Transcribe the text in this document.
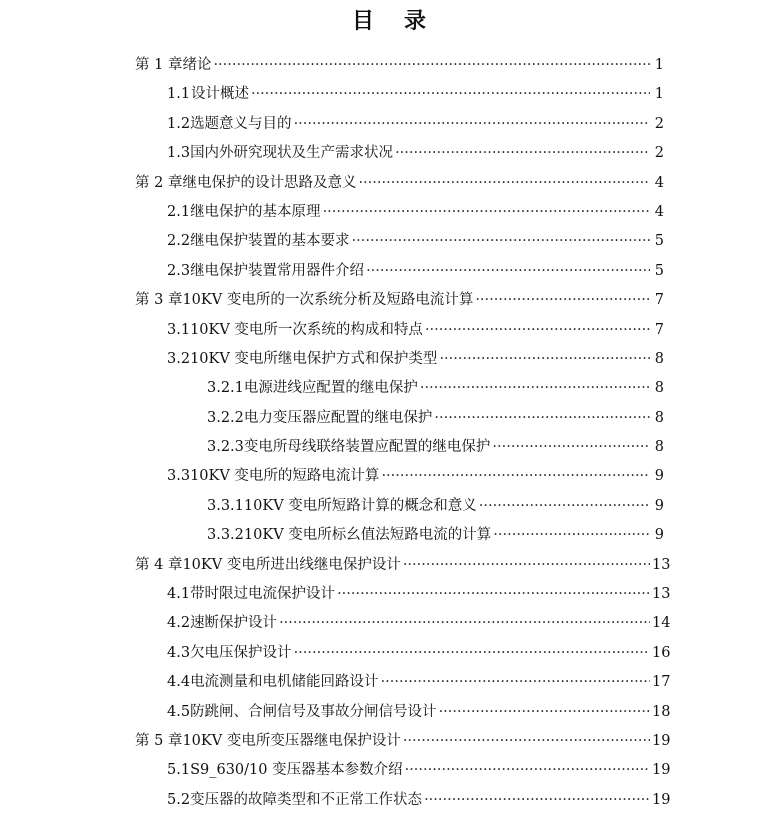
目录
第 1 章 绪论 ·····	1
1.1 设计概述 ·····	1
1.2 选题意义与目的 ·····	2
1.3 国内外研究现状及生产需求状况 ·····	2
第 2 章 继电保护的设计思路及意义 ·····	4
2.1 继电保护的基本原理 ·····	4
2.2 继电保护装置的基本要求 ·····	5
2.3 继电保护装置常用器件介绍 ·····	5
第 3 章 10KV 变电所的一次系统分析及短路电流计算 ·····	7
3.1 10KV 变电所一次系统的构成和特点 ·····	7
3.2 10KV 变电所继电保护方式和保护类型 ·····	8
3.2.1 电源进线应配置的继电保护 ·····	8
3.2.2 电力变压器应配置的继电保护 ·····	8
3.2.3 变电所母线联络装置应配置的继电保护 ·····	8
3.3 10KV 变电所的短路电流计算 ·····	9
3.3.1 10KV 变电所短路计算的概念和意义 ·····	9
3.3.2 10KV 变电所标幺值法短路电流的计算 ·····	9
第 4 章 10KV 变电所进出线继电保护设计 ·····	13
4.1 带时限过电流保护设计 ·····	13
4.2 速断保护设计 ·····	14
4.3 欠电压保护设计 ·····	16
4.4 电流测量和电机储能回路设计 ·····	17
4.5 防跳闸、合闸信号及事故分闸信号设计 ·····	18
第 5 章 10KV 变电所变压器继电保护设计 ·····	19
5.1 S9_630/10 变压器基本参数介绍 ·····	19
5.2 变压器的故障类型和不正常工作状态 ·····	19
